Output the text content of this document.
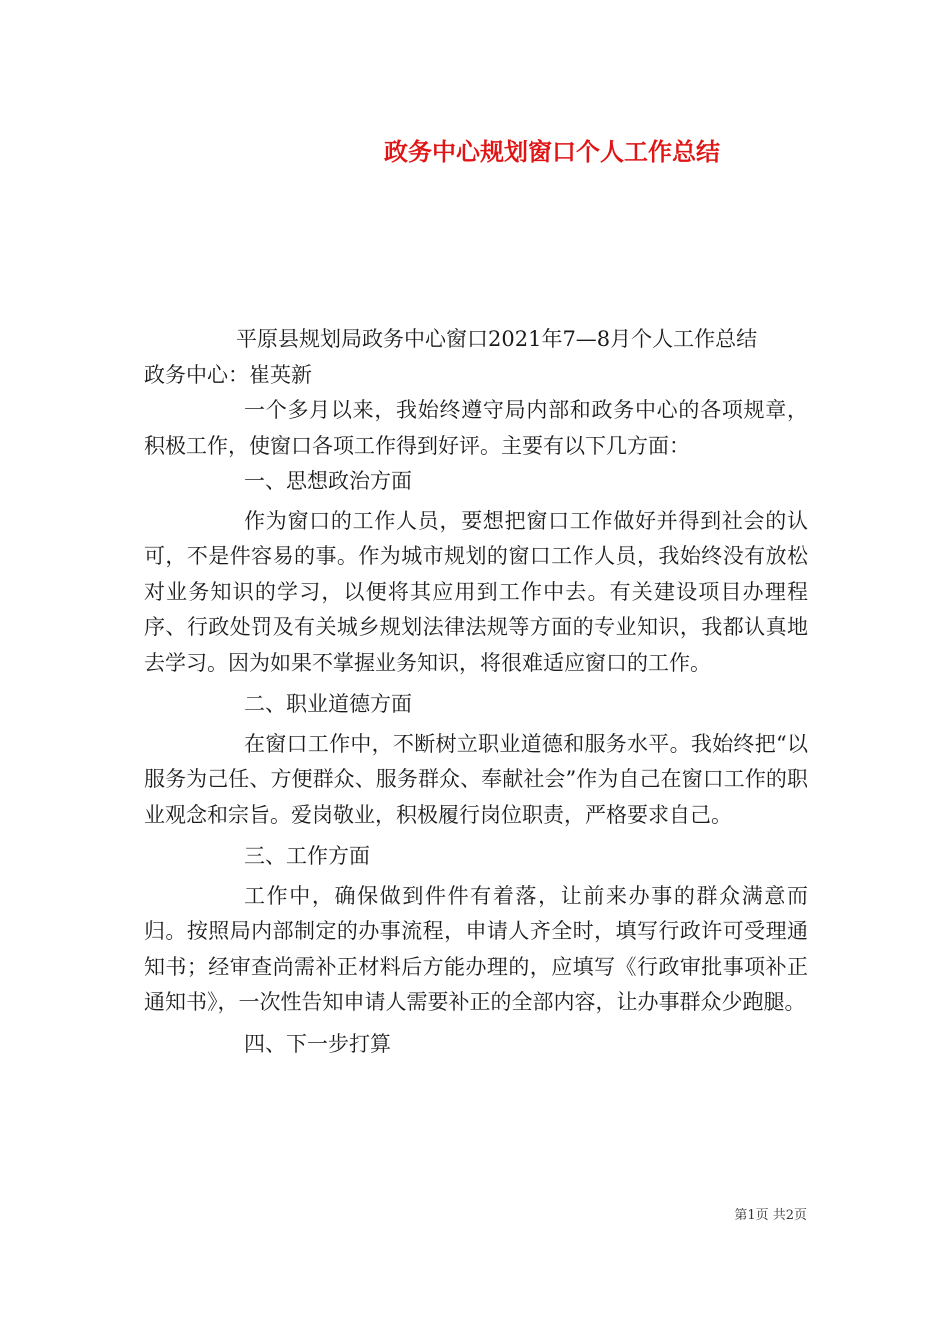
政务中心规划窗口个人工作总结

平原县规划局政务中心窗口2021年7—8月个人工作总结

政务中心：崔英新

一个多月以来，我始终遵守局内部和政务中心的各项规章，积极工作，使窗口各项工作得到好评。主要有以下几方面：

一、思想政治方面

作为窗口的工作人员，要想把窗口工作做好并得到社会的认可，不是件容易的事。作为城市规划的窗口工作人员，我始终没有放松对业务知识的学习，以便将其应用到工作中去。有关建设项目办理程序、行政处罚及有关城乡规划法律法规等方面的专业知识，我都认真地去学习。因为如果不掌握业务知识，将很难适应窗口的工作。

二、职业道德方面

在窗口工作中，不断树立职业道德和服务水平。我始终把“以服务为己任、方便群众、服务群众、奉献社会”作为自己在窗口工作的职业观念和宗旨。爱岗敬业，积极履行岗位职责，严格要求自己。

三、工作方面

工作中，确保做到件件有着落，让前来办事的群众满意而归。按照局内部制定的办事流程，申请人齐全时，填写行政许可受理通知书；经审查尚需补正材料后方能办理的，应填写《行政审批事项补正通知书》，一次性告知申请人需要补正的全部内容，让办事群众少跑腿。

四、下一步打算

第1页 共2页
